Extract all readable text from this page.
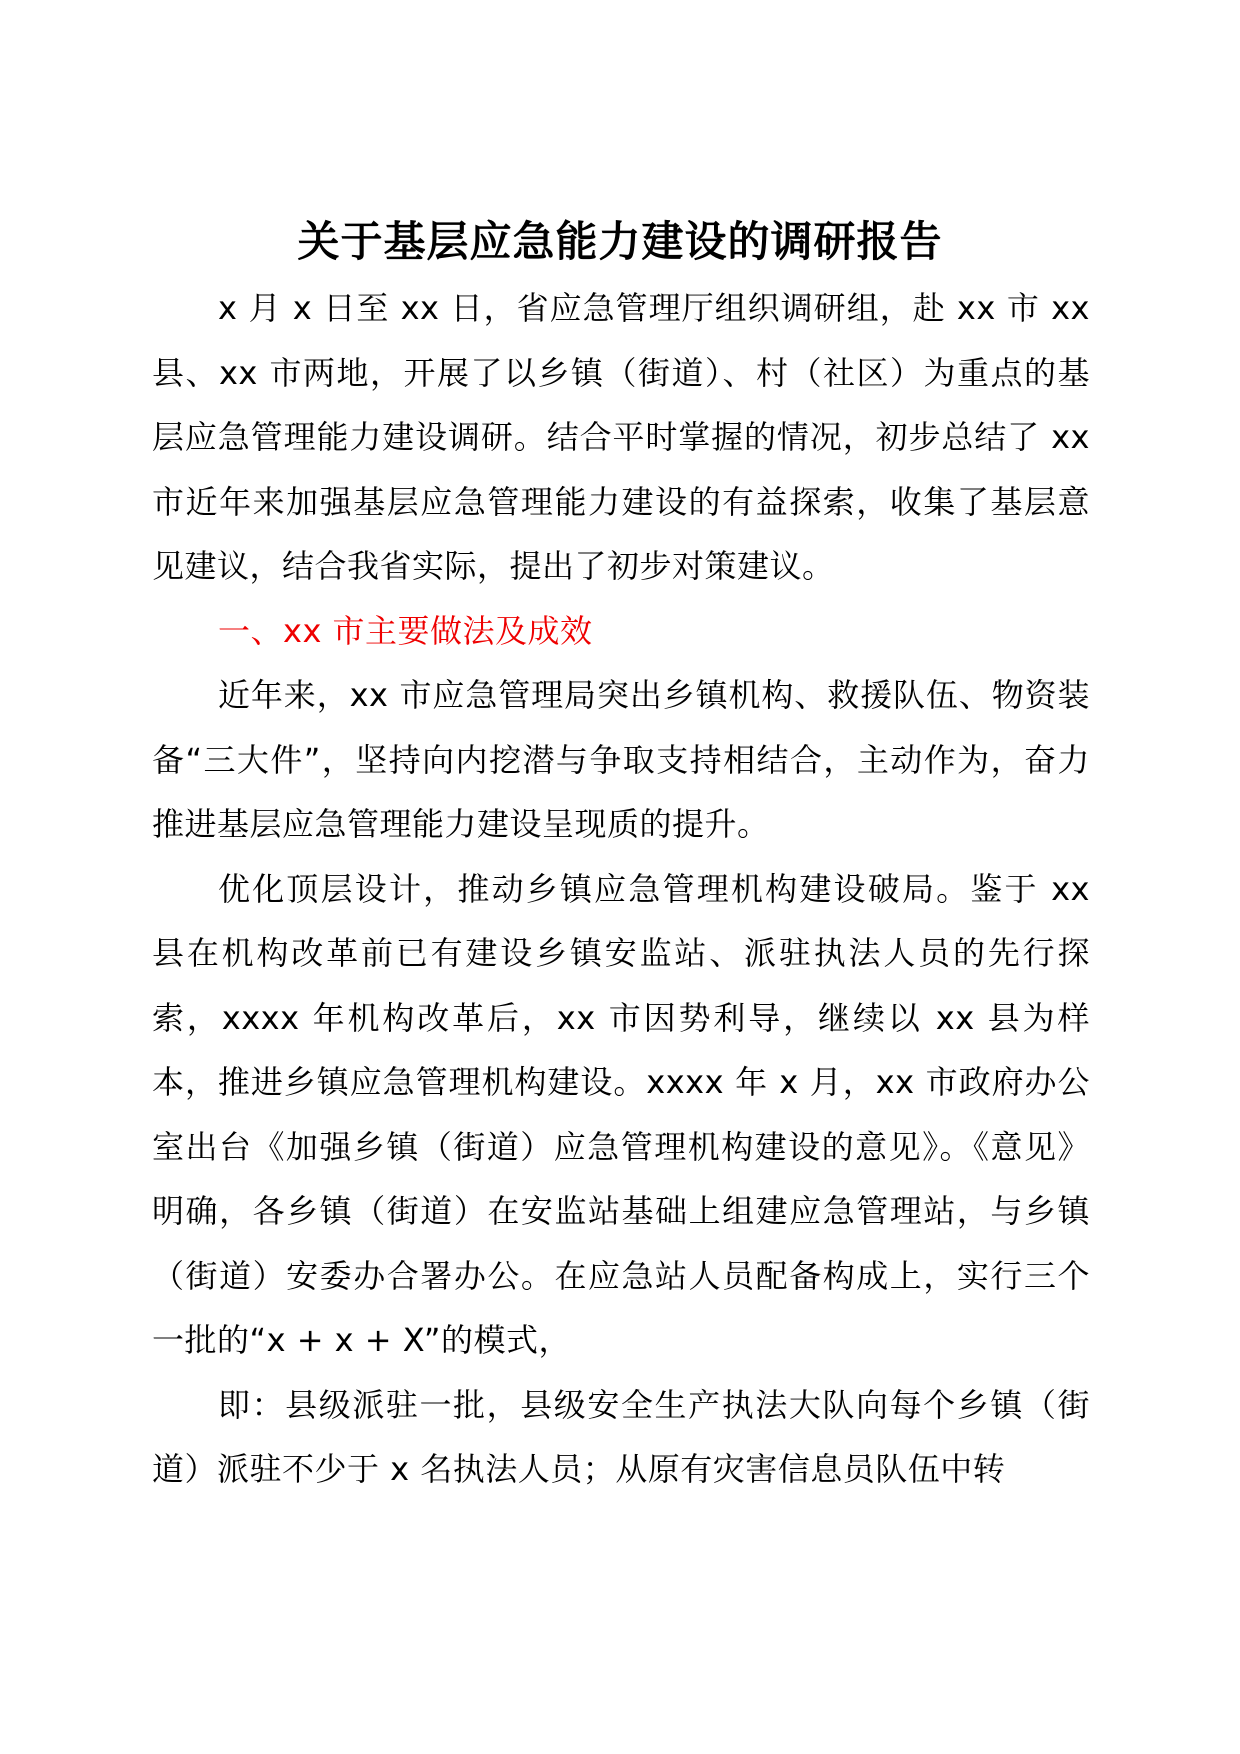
关于基层应急能力建设的调研报告

x 月 x 日至 xx 日，省应急管理厅组织调研组，赴 xx 市 xx 县、xx 市两地，开展了以乡镇（街道）、村（社区）为重点的基层应急管理能力建设调研。结合平时掌握的情况，初步总结了 xx 市近年来加强基层应急管理能力建设的有益探索，收集了基层意见建议，结合我省实际，提出了初步对策建议。

一、xx 市主要做法及成效

近年来，xx 市应急管理局突出乡镇机构、救援队伍、物资装备“三大件”，坚持向内挖潜与争取支持相结合，主动作为，奋力推进基层应急管理能力建设呈现质的提升。

优化顶层设计，推动乡镇应急管理机构建设破局。鉴于 xx 县在机构改革前已有建设乡镇安监站、派驻执法人员的先行探索，xxxx 年机构改革后，xx 市因势利导，继续以 xx 县为样本，推进乡镇应急管理机构建设。xxxx 年 x 月，xx 市政府办公室出台《加强乡镇（街道）应急管理机构建设的意见》。《意见》明确，各乡镇（街道）在安监站基础上组建应急管理站，与乡镇（街道）安委办合署办公。在应急站人员配备构成上，实行三个一批的“x + x + X”的模式，

即：县级派驻一批，县级安全生产执法大队向每个乡镇（街道）派驻不少于 x 名执法人员；从原有灾害信息员队伍中转
